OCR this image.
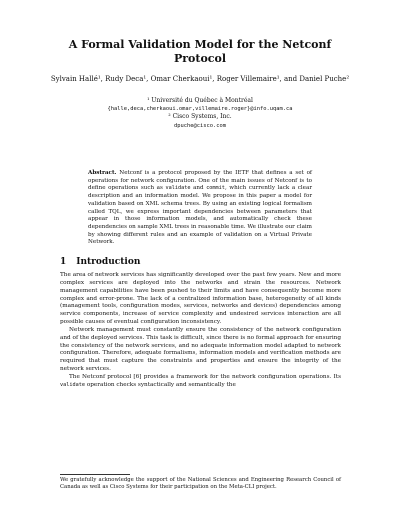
A Formal Validation Model for the Netconf Protocol
Sylvain Hallé¹, Rudy Deca¹, Omar Cherkaoui¹, Roger Villemaire¹, and Daniel Puche²
¹ Université du Québec à Montréal
{halle,deca,cherkaoui.omar,villemaire.roger}@info.uqam.ca
² Cisco Systems, Inc.
dpuche@cisco.com
Abstract. Netconf is a protocol proposed by the IETF that defines a set of operations for network configuration. One of the main issues of Netconf is to define operations such as validate and commit, which currently lack a clear description and an information model. We propose in this paper a model for validation based on XML schema trees. By using an existing logical formalism called TQL, we express important dependencies between parameters that appear in those information models, and automatically check these dependencies on sample XML trees in reasonable time. We illustrate our claim by showing different rules and an example of validation on a Virtual Private Network.
1 Introduction

The area of network services has significantly developed over the past few years. New and more complex services are deployed into the networks and strain the resources. Network management capabilities have been pushed to their limits and have consequently become more complex and error-prone. The lack of a centralized information base, heterogeneity of all kinds (management tools, configuration modes, services, networks and devices) dependencies among service components, increase of service complexity and undesired services interaction are all possible causes of eventual configuration inconsistency.

Network management must constantly ensure the consistency of the network configuration and of the deployed services. This task is difficult, since there is no formal approach for ensuring the consistency of the network services, and no adequate information model adapted to network configuration. Therefore, adequate formalisms, information models and verification methods are required that must capture the constraints and properties and ensure the integrity of the network services.

The Netconf protocol [6] provides a framework for the network configuration operations. Its validate operation checks syntactically and semantically the

We gratefully acknowledge the support of the National Sciences and Engineering Research Council of Canada as well as Cisco Systems for their participation on the Meta-CLI project.
